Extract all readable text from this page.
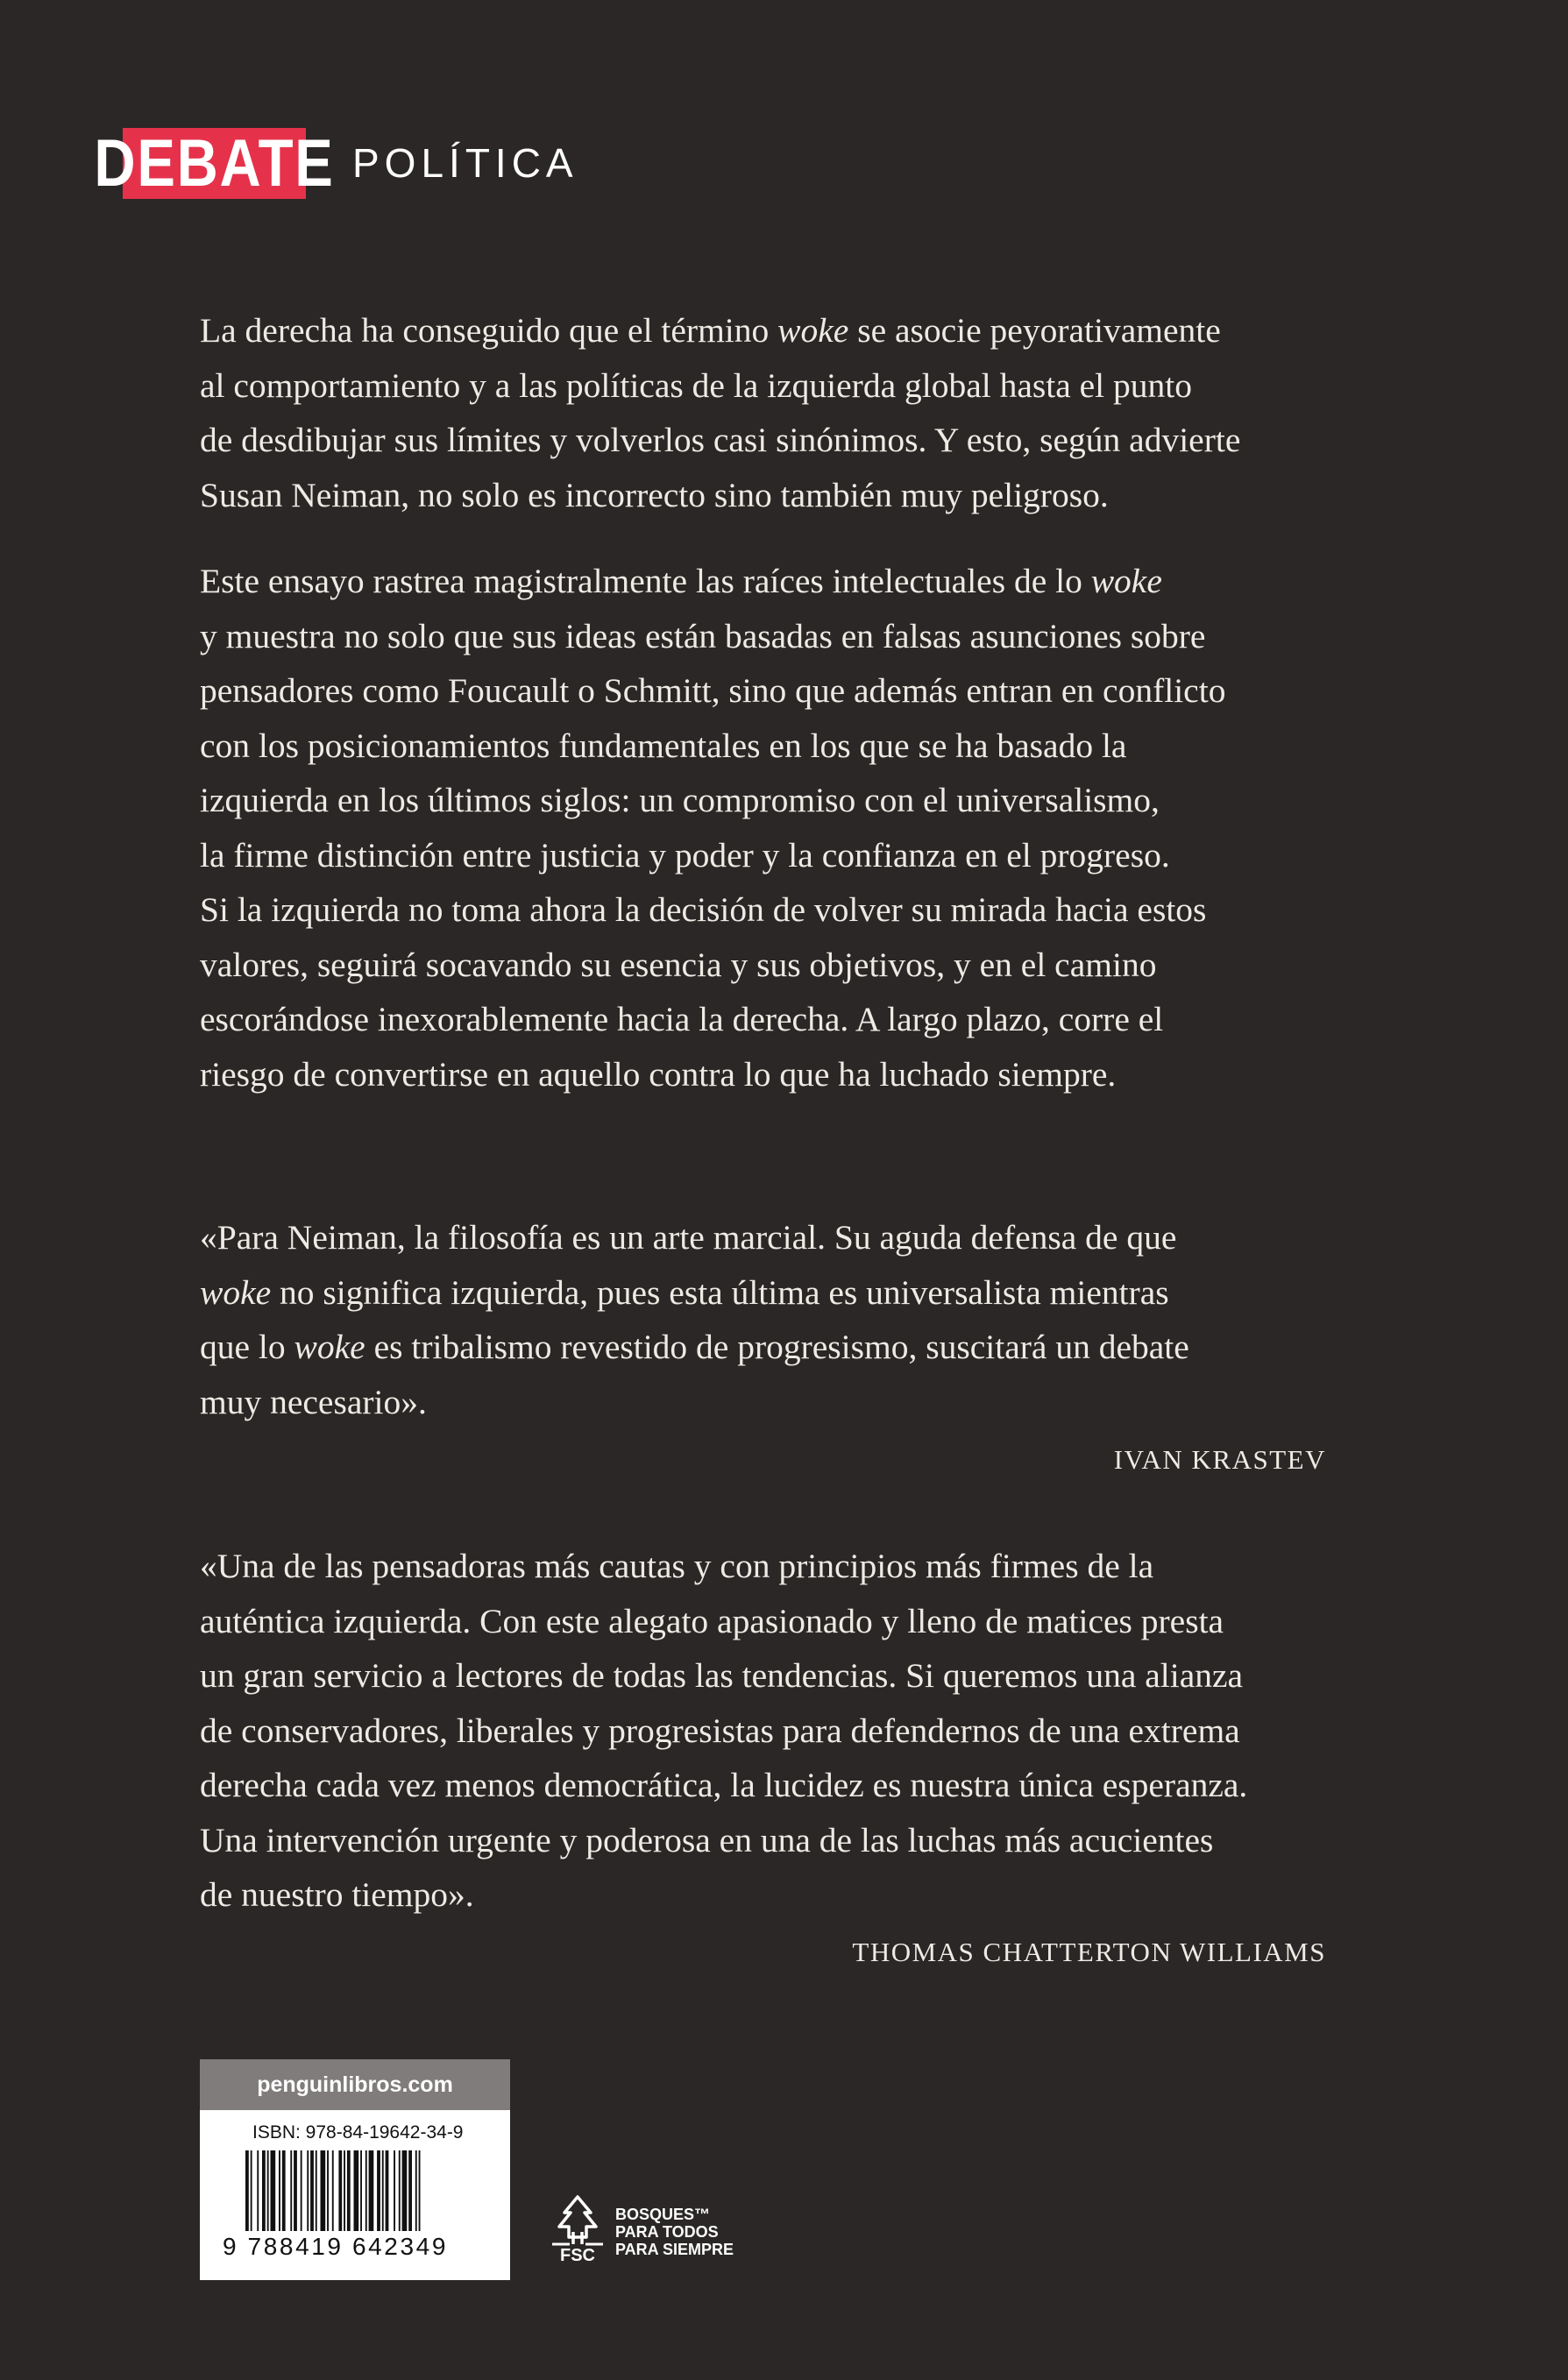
DEBATE POLÍTICA

La derecha ha conseguido que el término woke se asocie peyorativamente
al comportamiento y a las políticas de la izquierda global hasta el punto
de desdibujar sus límites y volverlos casi sinónimos. Y esto, según advierte
Susan Neiman, no solo es incorrecto sino también muy peligroso.

Este ensayo rastrea magistralmente las raíces intelectuales de lo woke
y muestra no solo que sus ideas están basadas en falsas asunciones sobre
pensadores como Foucault o Schmitt, sino que además entran en conflicto
con los posicionamientos fundamentales en los que se ha basado la
izquierda en los últimos siglos: un compromiso con el universalismo,
la firme distinción entre justicia y poder y la confianza en el progreso.
Si la izquierda no toma ahora la decisión de volver su mirada hacia estos
valores, seguirá socavando su esencia y sus objetivos, y en el camino
escorándose inexorablemente hacia la derecha. A largo plazo, corre el
riesgo de convertirse en aquello contra lo que ha luchado siempre.

«Para Neiman, la filosofía es un arte marcial. Su aguda defensa de que
woke no significa izquierda, pues esta última es universalista mientras
que lo woke es tribalismo revestido de progresismo, suscitará un debate
muy necesario».

IVAN KRASTEV

«Una de las pensadoras más cautas y con principios más firmes de la
auténtica izquierda. Con este alegato apasionado y lleno de matices presta
un gran servicio a lectores de todas las tendencias. Si queremos una alianza
de conservadores, liberales y progresistas para defendernos de una extrema
derecha cada vez menos democrática, la lucidez es nuestra única esperanza.
Una intervención urgente y poderosa en una de las luchas más acucientes
de nuestro tiempo».

THOMAS CHATTERTON WILLIAMS
penguinlibros.com
ISBN: 978-84-19642-34-9
9 788419 642349	FSC
BOSQUES™
PARA TODOS
PARA SIEMPRE
